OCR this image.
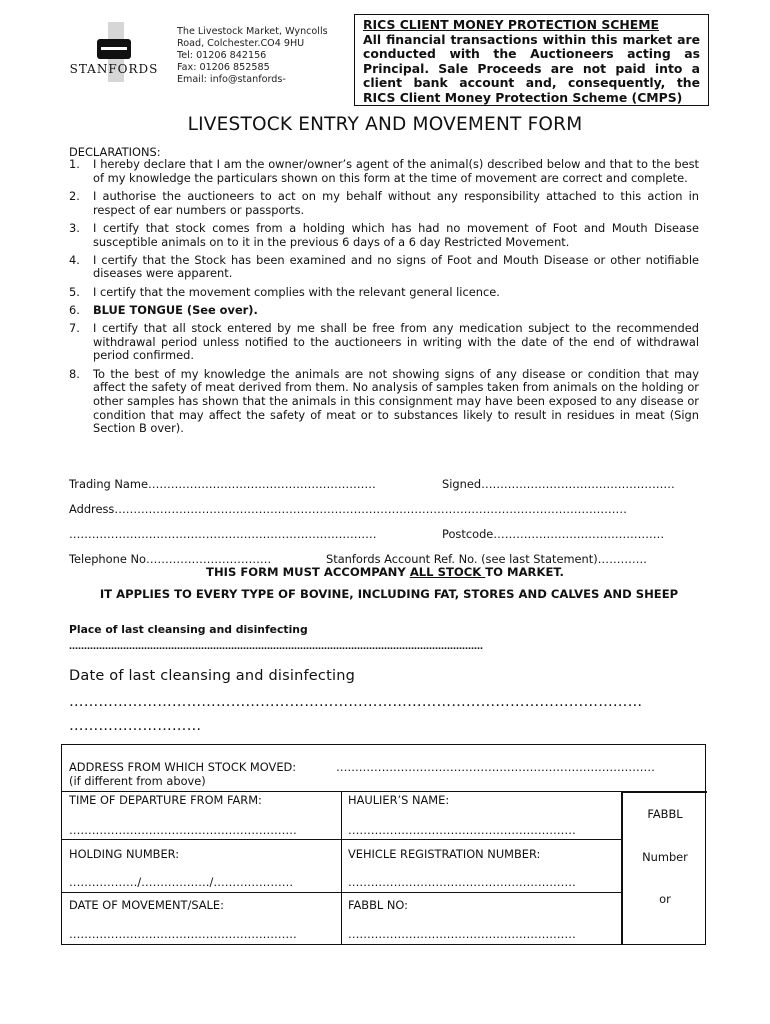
STANFORDS
The Livestock Market, Wyncolls
Road, Colchester.CO4 9HU
Tel: 01206 842156
Fax: 01206 852585
Email: info@stanfords-
RICS CLIENT MONEY PROTECTION SCHEME
All financial transactions within this market are conducted with the Auctioneers acting as Principal. Sale Proceeds are not paid into a client bank account and, consequently, the RICS Client Money Protection Scheme (CMPS)
LIVESTOCK ENTRY AND MOVEMENT FORM
DECLARATIONS:
1. I hereby declare that I am the owner/owner’s agent of the animal(s) described below and that to the best of my knowledge the particulars shown on this form at the time of movement are correct and complete.
2. I authorise the auctioneers to act on my behalf without any responsibility attached to this action in respect of ear numbers or passports.
3. I certify that stock comes from a holding which has had no movement of Foot and Mouth Disease susceptible animals on to it in the previous 6 days of a 6 day Restricted Movement.
4. I certify that the Stock has been examined and no signs of Foot and Mouth Disease or other notifiable diseases were apparent.
5. I certify that the movement complies with the relevant general licence.
6. BLUE TONGUE (See over).
7. I certify that all stock entered by me shall be free from any medication subject to the recommended withdrawal period unless notified to the auctioneers in writing with the date of the end of withdrawal period confirmed.
8. To the best of my knowledge the animals are not showing signs of any disease or condition that may affect the safety of meat derived from them. No analysis of samples taken from animals on the holding or other samples has shown that the animals in this consignment may have been exposed to any disease or condition that may affect the safety of meat or to substances likely to result in residues in meat (Sign Section B over).
Trading Name……………………………………………………	Signed……………………………………………
Address………………………………………………………………………………………………………………………
………………………………………………………………………	Postcode………………………………………
Telephone No……………………………	Stanfords Account Ref. No. (see last Statement)………….
THIS FORM MUST ACCOMPANY ALL STOCK TO MARKET.
IT APPLIES TO EVERY TYPE OF BOVINE, INCLUDING FAT, STORES AND CALVES AND SHEEP
Place of last cleansing and disinfecting
…………………………………………………………………………………………………………………………
Date of last cleansing and disinfecting
………………………………………………………………………………………………………
………………………
ADDRESS FROM WHICH STOCK MOVED:	…………………………………………………………………………
(if different from above)
TIME OF DEPARTURE FROM FARM:
……………………………………………………
HAULIER’S NAME:
……………………………………………………
HOLDING NUMBER:
………………/………………/…………………
VEHICLE REGISTRATION NUMBER:
……………………………………………………
DATE OF MOVEMENT/SALE:
……………………………………………………
FABBL NO:
……………………………………………………
FABBL
Number
or
